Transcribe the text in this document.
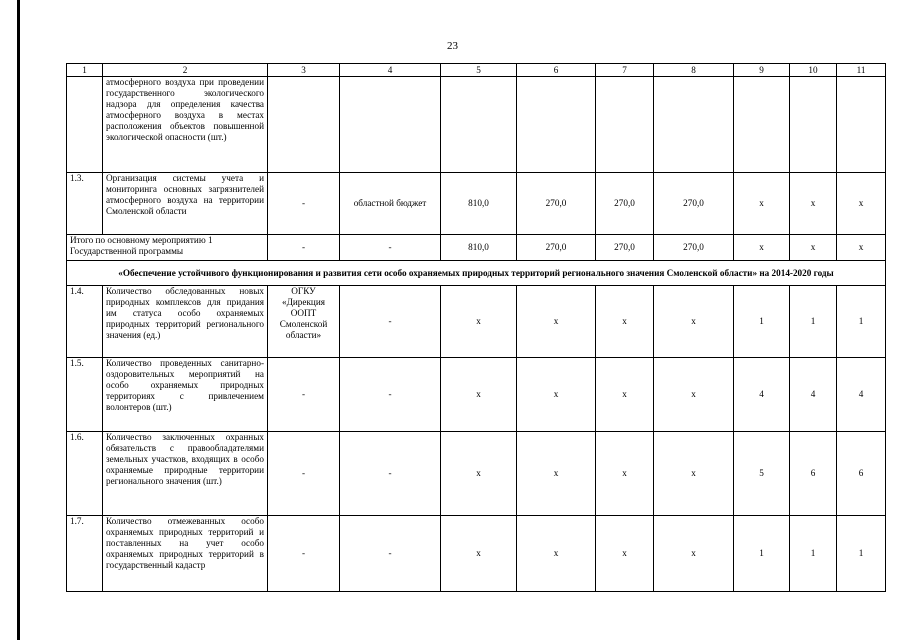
23
1	2	3	4	5	6	7	8	9	10	11
	атмосферного воздуха при проведении государственного экологического надзора для определения качества атмосферного воздуха в местах расположения объектов повышенной экологической опасности (шт.)									
1.3.	Организация системы учета и мониторинга основных загрязнителей атмосферного воздуха на территории Смоленской области	-	областной бюджет	810,0	270,0	270,0	270,0	x	x	x
Итого по основному мероприятию 1 Государственной программы		-	-	810,0	270,0	270,0	270,0	x	x	x
«Обеспечение устойчивого функционирования и развития сети особо охраняемых природных территорий регионального значения Смоленской области» на 2014-2020 годы										
1.4.	Количество обследованных новых природных комплексов для придания им статуса особо охраняемых природных территорий регионального значения (ед.)	ОГКУ «Дирекция ООПТ Смоленской области»	-	x	x	x	x	1	1	1
1.5.	Количество проведенных санитарно-оздоровительных мероприятий на особо охраняемых природных территориях с привлечением волонтеров (шт.)	-	-	x	x	x	x	4	4	4
1.6.	Количество заключенных охранных обязательств с правообладателями земельных участков, входящих в особо охраняемые природные территории регионального значения (шт.)	-	-	x	x	x	x	5	6	6
1.7.	Количество отмежеванных особо охраняемых природных территорий и поставленных на учет особо охраняемых природных территорий в государственный кадастр	-	-	x	x	x	x	1	1	1
